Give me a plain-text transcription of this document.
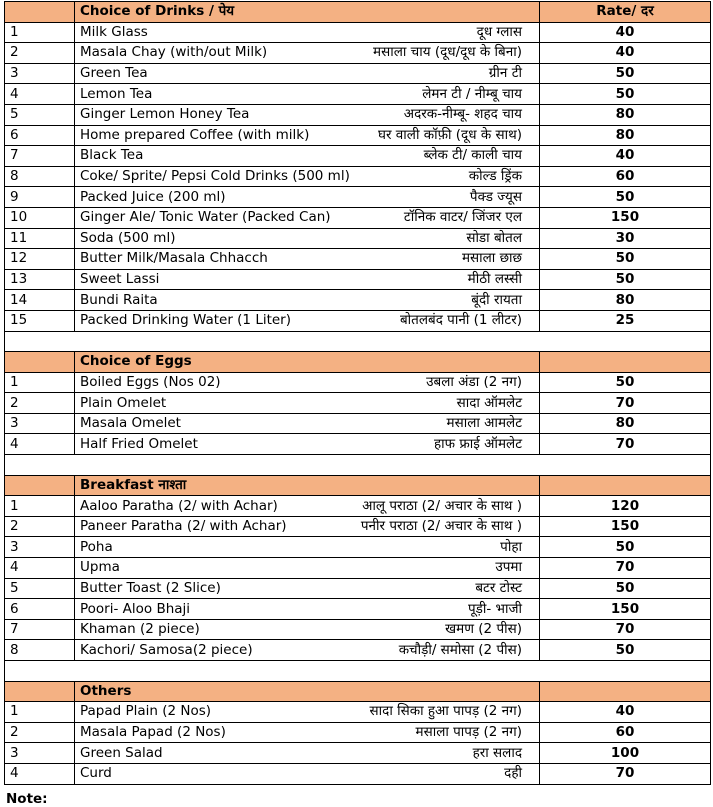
	Choice of Drinks / पेय	Rate/ दर
1	Milk Glass दूध ग्लास	40
2	Masala Chay (with/out Milk) मसाला चाय (दूध/दूध के बिना)	40
3	Green Tea ग्रीन टी	50
4	Lemon Tea लेमन टी / नीम्बू चाय	50
5	Ginger Lemon Honey Tea अदरक-नीम्बू- शहद चाय	80
6	Home prepared Coffee (with milk) घर वाली कॉफ़ी (दूध के साथ)	80
7	Black Tea ब्लेक टी/ काली चाय	40
8	Coke/ Sprite/ Pepsi Cold Drinks (500 ml) कोल्ड ड्रिंक	60
9	Packed Juice (200 ml) पैक्ड ज्यूस	50
10	Ginger Ale/ Tonic Water (Packed Can) टॉनिक वाटर/ जिंजर एल	150
11	Soda (500 ml) सोडा बोतल	30
12	Butter Milk/Masala Chhacch मसाला छाछ	50
13	Sweet Lassi मीठी लस्सी	50
14	Bundi Raita बूंदी रायता	80
15	Packed Drinking Water (1 Liter) बोतलबंद पानी (1 लीटर)	25

	Choice of Eggs	
1	Boiled Eggs (Nos 02) उबला अंडा (2 नग)	50
2	Plain Omelet सादा ऑमलेट	70
3	Masala Omelet मसाला आमलेट	80
4	Half Fried Omelet हाफ फ्राई ऑमलेट	70

	Breakfast नाश्ता	
1	Aaloo Paratha (2/ with Achar) आलू पराठा (2/ अचार के साथ )	120
2	Paneer Paratha (2/ with Achar) पनीर पराठा (2/ अचार के साथ )	150
3	Poha पोहा	50
4	Upma उपमा	70
5	Butter Toast (2 Slice) बटर टोस्ट	50
6	Poori- Aloo Bhaji पूड़ी- भाजी	150
7	Khaman (2 piece) खमण (2 पीस)	70
8	Kachori/ Samosa(2 piece) कचौड़ी/ समोसा (2 पीस)	50

	Others	
1	Papad Plain (2 Nos) सादा सिका हुआ पापड़ (2 नग)	40
2	Masala Papad (2 Nos) मसाला पापड़ (2 नग)	60
3	Green Salad हरा सलाद	100
4	Curd दही	70
Note:
